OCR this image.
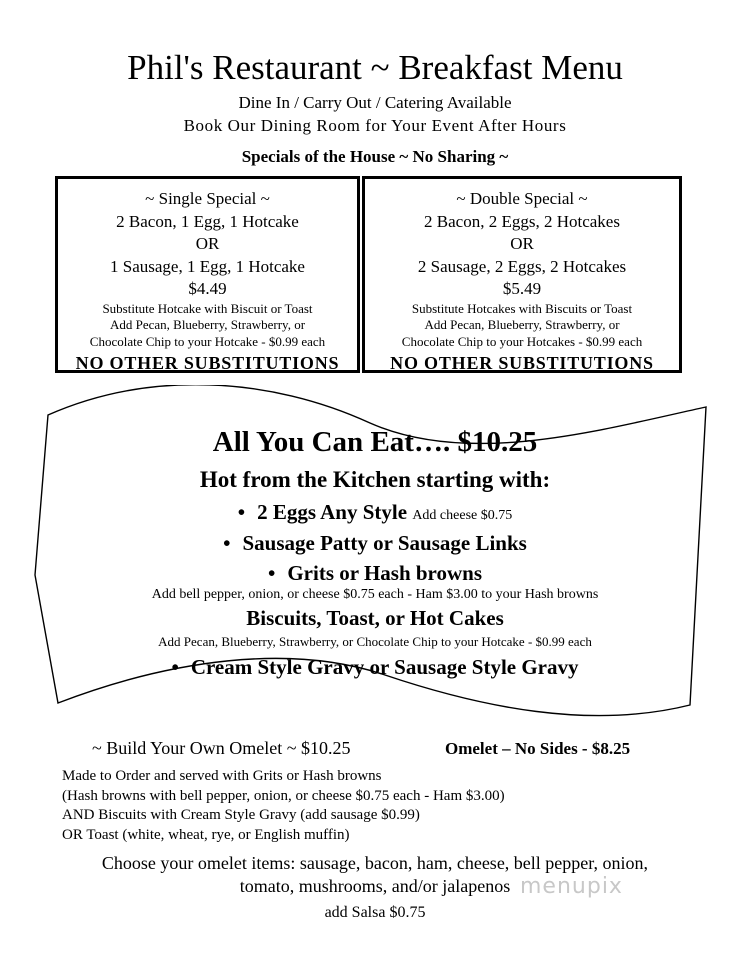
Phil's Restaurant ~ Breakfast Menu
Dine In / Carry Out / Catering Available
Book Our Dining Room for Your Event After Hours
Specials of the House ~ No Sharing ~
~ Single Special ~
2 Bacon, 1 Egg, 1 Hotcake
OR
1 Sausage, 1 Egg, 1 Hotcake
$4.49
Substitute Hotcake with Biscuit or Toast
Add Pecan, Blueberry, Strawberry, or
Chocolate Chip to your Hotcake - $0.99 each
NO OTHER SUBSTITUTIONS
~ Double Special ~
2 Bacon, 2 Eggs, 2 Hotcakes
OR
2 Sausage, 2 Eggs, 2 Hotcakes
$5.49
Substitute Hotcakes with Biscuits or Toast
Add Pecan, Blueberry, Strawberry, or
Chocolate Chip to your Hotcakes - $0.99 each
NO OTHER SUBSTITUTIONS
All You Can Eat…. $10.25
Hot from the Kitchen starting with:
• 2 Eggs Any Style Add cheese $0.75
• Sausage Patty or Sausage Links
• Grits or Hash browns
Add bell pepper, onion, or cheese $0.75 each - Ham $3.00 to your Hash browns
Biscuits, Toast, or Hot Cakes
Add Pecan, Blueberry, Strawberry, or Chocolate Chip to your Hotcake - $0.99 each
• Cream Style Gravy or Sausage Style Gravy
~ Build Your Own Omelet ~ $10.25	Omelet – No Sides - $8.25
Made to Order and served with Grits or Hash browns
(Hash browns with bell pepper, onion, or cheese $0.75 each - Ham $3.00)
AND Biscuits with Cream Style Gravy (add sausage $0.99)
OR Toast (white, wheat, rye, or English muffin)
Choose your omelet items: sausage, bacon, ham, cheese, bell pepper, onion,
tomato, mushrooms, and/or jalapenos
add Salsa $0.75
menupix
